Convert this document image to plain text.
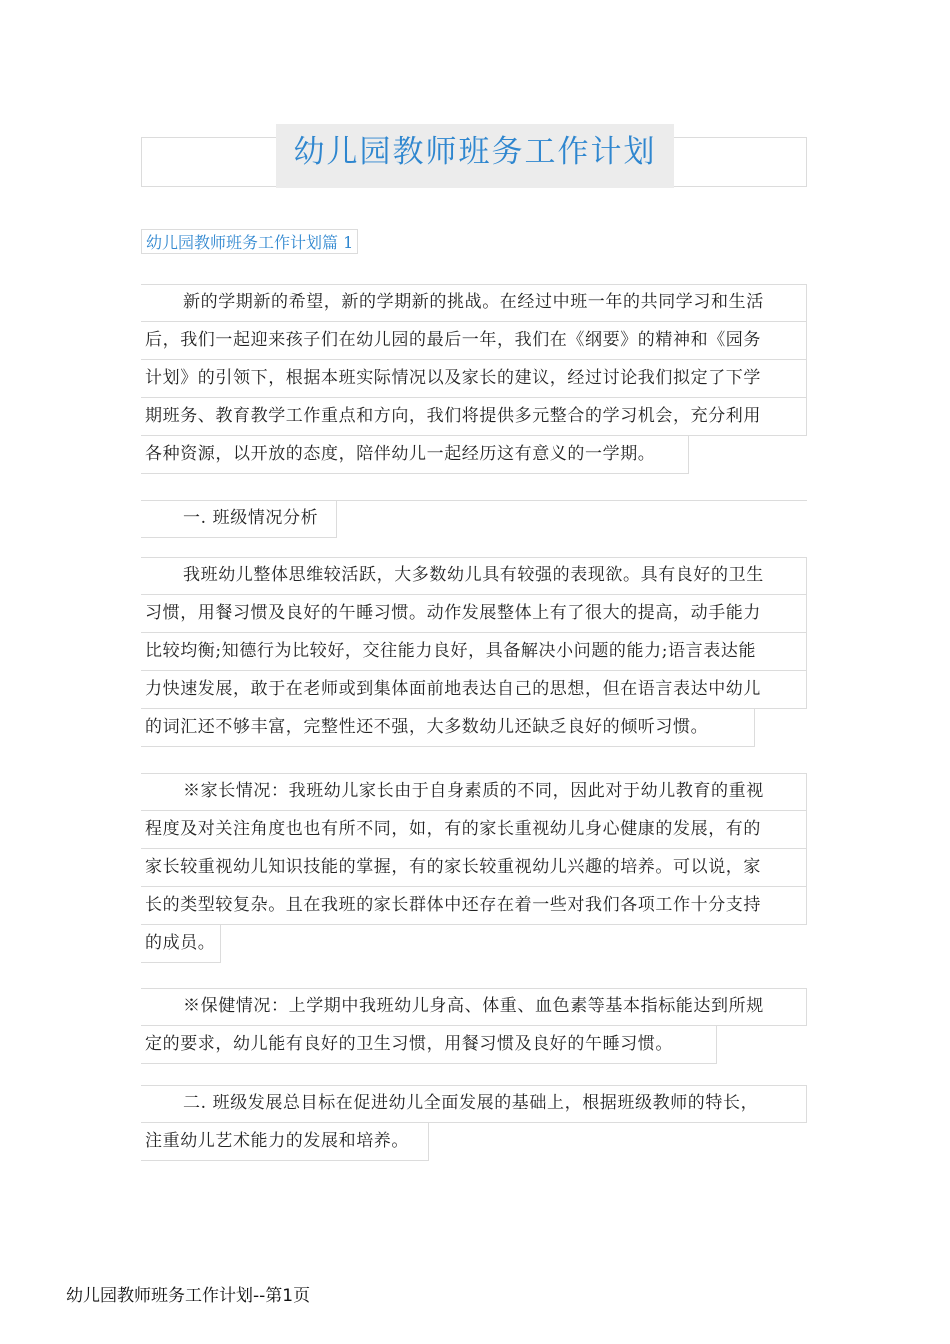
幼儿园教师班务工作计划
幼儿园教师班务工作计划篇 1
新的学期新的希望，新的学期新的挑战。在经过中班一年的共同学习和生活
后，我们一起迎来孩子们在幼儿园的最后一年，我们在《纲要》的精神和《园务
计划》的引领下，根据本班实际情况以及家长的建议，经过讨论我们拟定了下学
期班务、教育教学工作重点和方向，我们将提供多元整合的学习机会，充分利用
各种资源，以开放的态度，陪伴幼儿一起经历这有意义的一学期。
一. 班级情况分析
我班幼儿整体思维较活跃，大多数幼儿具有较强的表现欲。具有良好的卫生
习惯，用餐习惯及良好的午睡习惯。动作发展整体上有了很大的提高，动手能力
比较均衡;知德行为比较好，交往能力良好，具备解决小问题的能力;语言表达能
力快速发展，敢于在老师或到集体面前地表达自己的思想，但在语言表达中幼儿
的词汇还不够丰富，完整性还不强，大多数幼儿还缺乏良好的倾听习惯。
※家长情况：我班幼儿家长由于自身素质的不同，因此对于幼儿教育的重视
程度及对关注角度也也有所不同，如，有的家长重视幼儿身心健康的发展，有的
家长较重视幼儿知识技能的掌握，有的家长较重视幼儿兴趣的培养。可以说，家
长的类型较复杂。且在我班的家长群体中还存在着一些对我们各项工作十分支持
的成员。
※保健情况：上学期中我班幼儿身高、体重、血色素等基本指标能达到所规
定的要求，幼儿能有良好的卫生习惯，用餐习惯及良好的午睡习惯。
二. 班级发展总目标在促进幼儿全面发展的基础上，根据班级教师的特长，
注重幼儿艺术能力的发展和培养。
幼儿园教师班务工作计划--第1页
